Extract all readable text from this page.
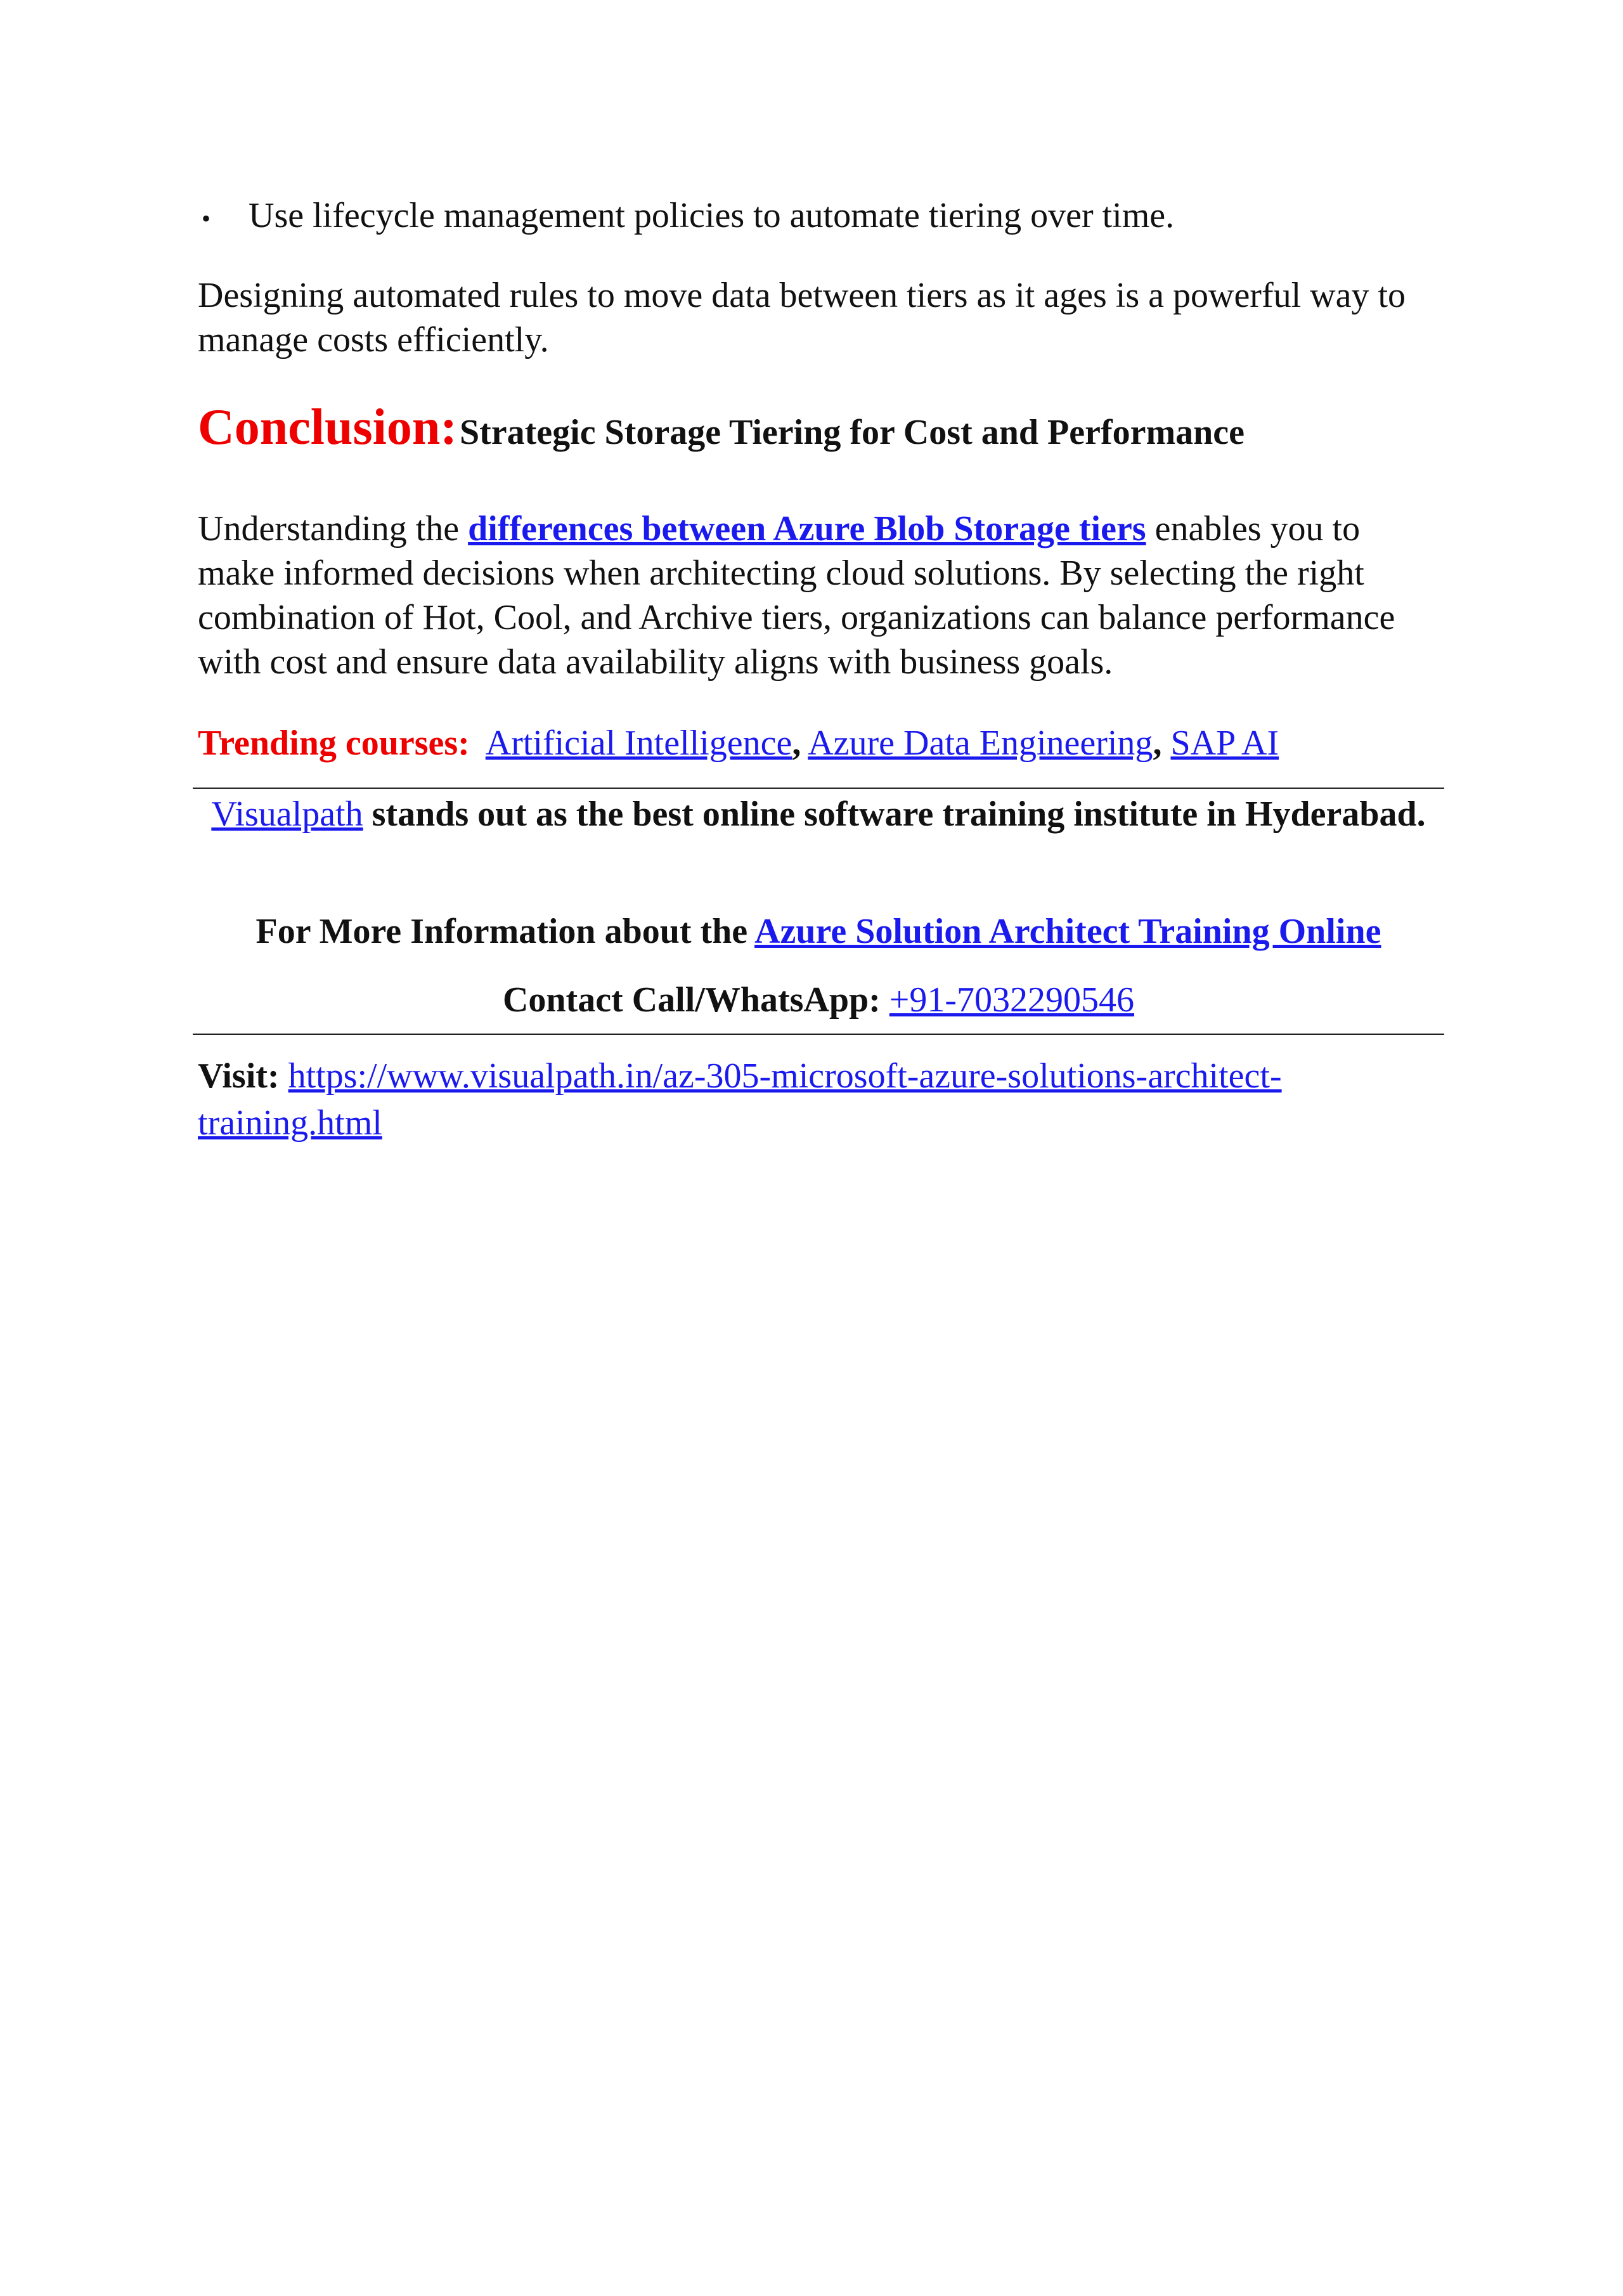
•	Use lifecycle management policies to automate tiering over time.

Designing automated rules to move data between tiers as it ages is a powerful way to manage costs efficiently.

Conclusion: Strategic Storage Tiering for Cost and Performance

Understanding the differences between Azure Blob Storage tiers enables you to make informed decisions when architecting cloud solutions. By selecting the right combination of Hot, Cool, and Archive tiers, organizations can balance performance with cost and ensure data availability aligns with business goals.

Trending courses: Artificial Intelligence, Azure Data Engineering, SAP AI

Visualpath stands out as the best online software training institute in Hyderabad.
For More Information about the Azure Solution Architect Training Online
Contact Call/WhatsApp: +91-7032290546
Visit: https://www.visualpath.in/az-305-microsoft-azure-solutions-architect-training.html
